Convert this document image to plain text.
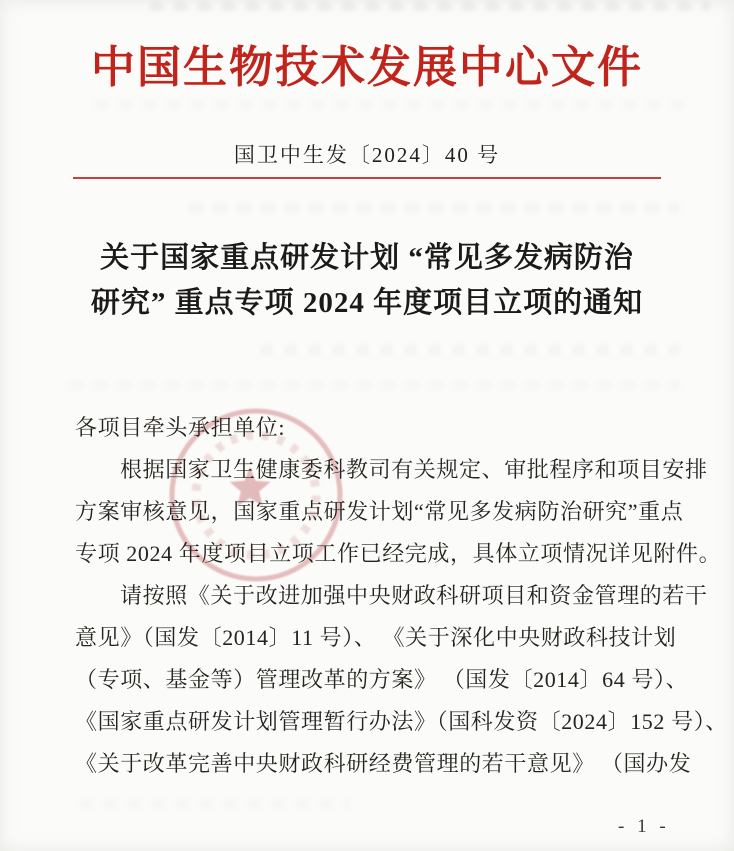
中国生物技术发展中心文件
国卫中生发〔2024〕40 号
关于国家重点研发计划 “常见多发病防治
研究” 重点专项 2024 年度项目立项的通知
各项目牵头承担单位:
根据国家卫生健康委科教司有关规定、审批程序和项目安排
方案审核意见，国家重点研发计划“常见多发病防治研究”重点
专项 2024 年度项目立项工作已经完成，具体立项情况详见附件。
请按照《关于改进加强中央财政科研项目和资金管理的若干
意见》（国发〔2014〕11 号）、 《关于深化中央财政科技计划
（专项、基金等）管理改革的方案》 （国发〔2014〕64 号）、
《国家重点研发计划管理暂行办法》（国科发资〔2024〕152 号）、
《关于改革完善中央财政科研经费管理的若干意见》 （国办发
- 1 -
